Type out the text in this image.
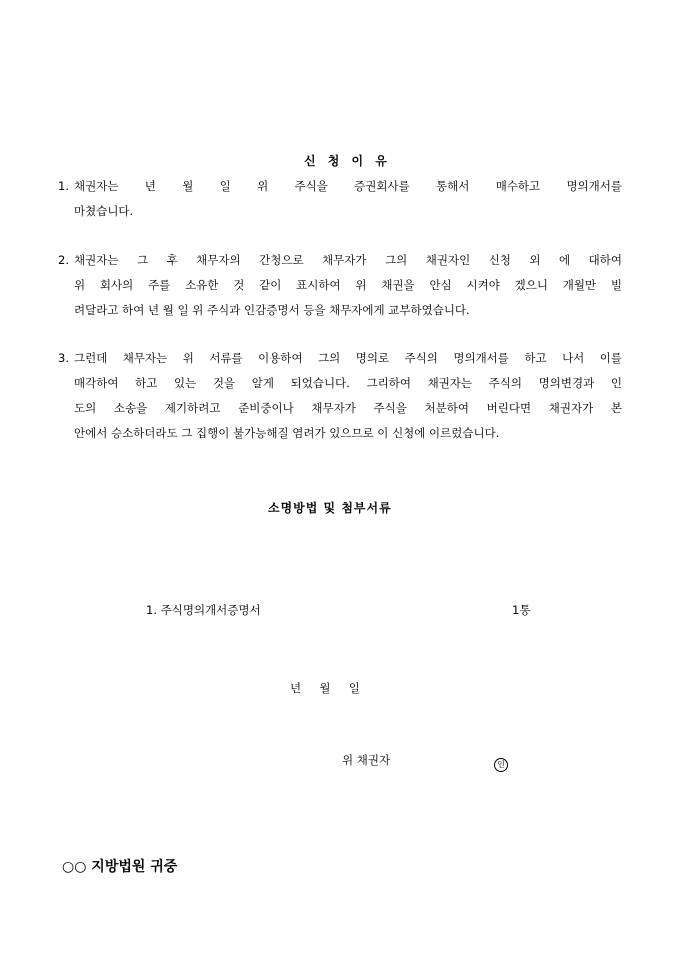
신 청 이 유
1. 채권자는 년 월 일 위 주식을 증권회사를 통해서 매수하고 명의개서를
마쳤습니다.
2. 채권자는 그 후 채무자의 간청으로 채무자가 그의 채권자인 신청 외 에 대하여
위 회사의 주를 소유한 것 같이 표시하여 위 채권을 안심 시켜야 겠으니 개월만 빌
려달라고 하여 년 월 일 위 주식과 인감증명서 등을 채무자에게 교부하였습니다.
3. 그런데 채무자는 위 서류를 이용하여 그의 명의로 주식의 명의개서를 하고 나서 이를
매각하여 하고 있는 것을 알게 되었습니다. 그리하여 채권자는 주식의 명의변경과 인
도의 소송을 제기하려고 준비중이나 채무자가 주식을 처분하여 버린다면 채권자가 본
안에서 승소하더라도 그 집행이 불가능해질 염려가 있으므로 이 신청에 이르렀습니다.
소명방법 및 첨부서류
1. 주식명의개서증명서	1통
년     월     일
위 채권자	인
○○ 지방법원 귀중
